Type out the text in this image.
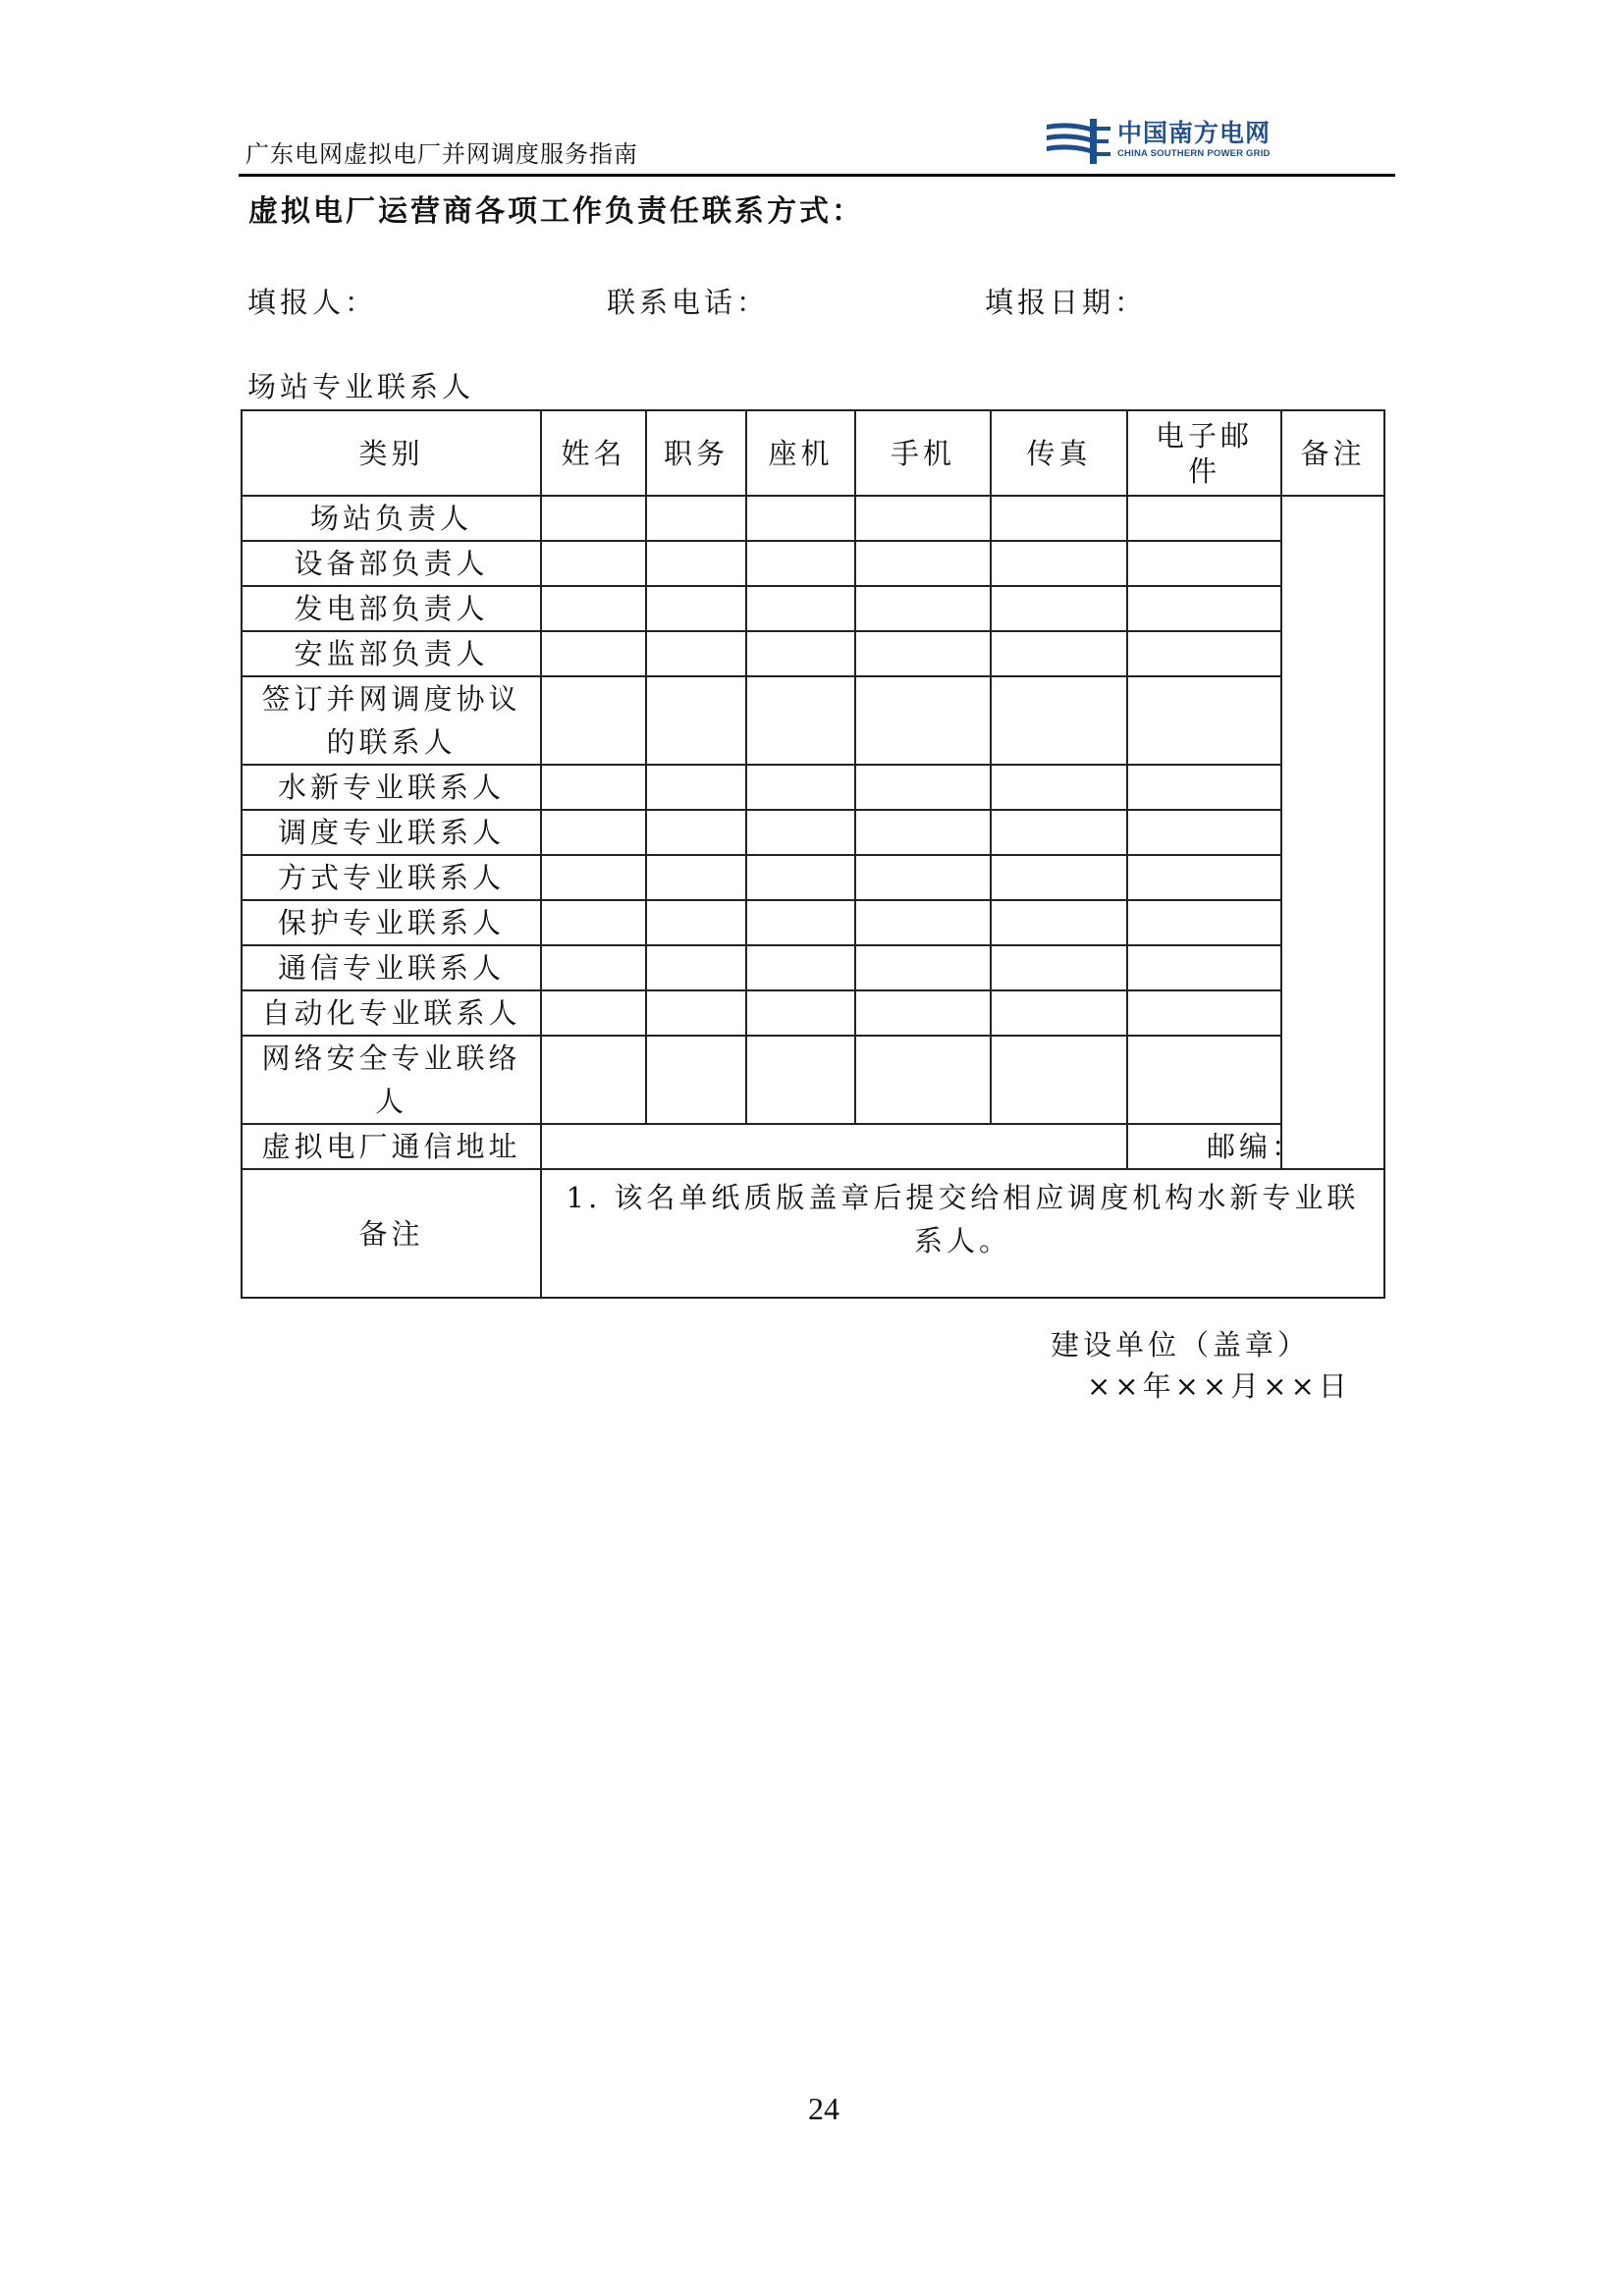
广东电网虚拟电厂并网调度服务指南
中国南方电网
CHINA SOUTHERN POWER GRID
虚拟电厂运营商各项工作负责任联系方式：
填报人：	联系电话：	填报日期：
场站专业联系人
类别	姓名	职务	座机	手机	传真	电子邮件	备注
场站负责人							
设备部负责人							
发电部负责人							
安监部负责人							
签订并网调度协议的联系人							
水新专业联系人							
调度专业联系人							
方式专业联系人							
保护专业联系人							
通信专业联系人							
自动化专业联系人							
网络安全专业联络人							
虚拟电厂通信地址						邮编：	
备注	1. 该名单纸质版盖章后提交给相应调度机构水新专业联系人。						
建设单位（盖章）
××年××月××日
24
